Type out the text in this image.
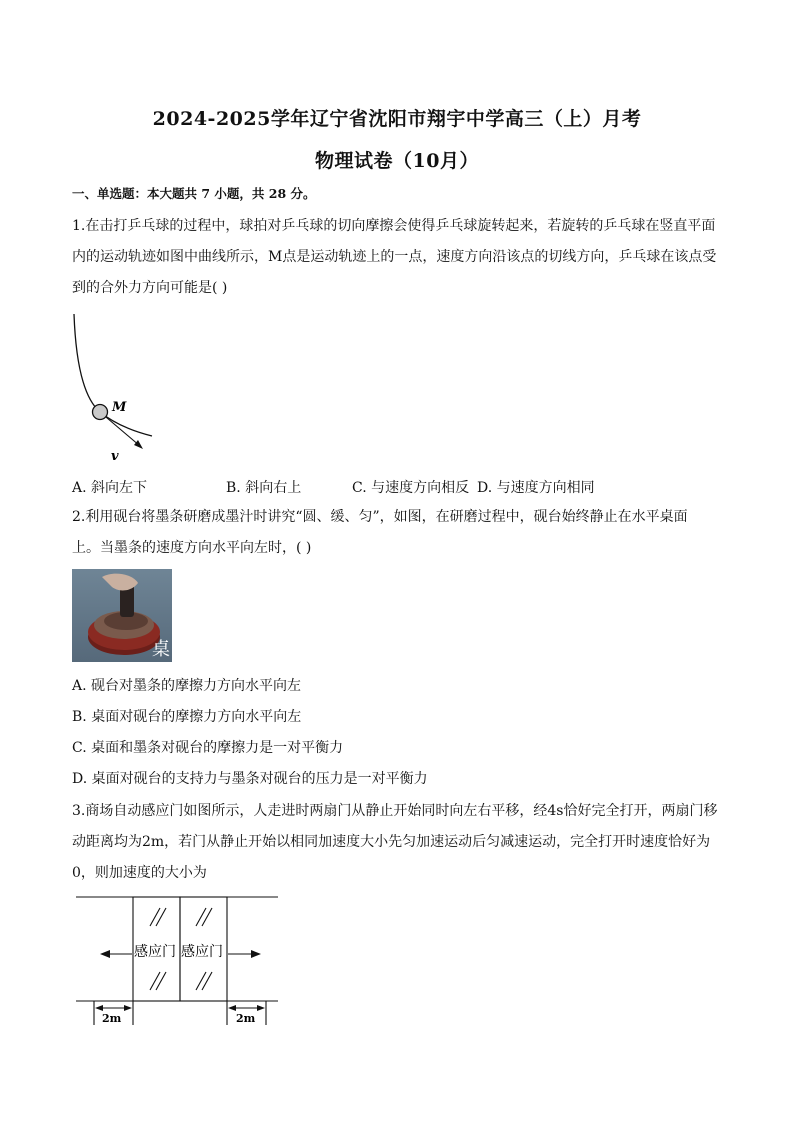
2024-2025学年辽宁省沈阳市翔宇中学高三（上）月考
物理试卷（10月）
一、单选题：本大题共 7 小题，共 28 分。
1.在击打乒乓球的过程中，球拍对乒乓球的切向摩擦会使得乒乓球旋转起来，若旋转的乒乓球在竖直平面
内的运动轨迹如图中曲线所示，M点是运动轨迹上的一点，速度方向沿该点的切线方向，乒乓球在该点受
到的合外力方向可能是( )
M
v
A. 斜向左下	B. 斜向右上	C. 与速度方向相反 D. 与速度方向相同
2.利用砚台将墨条研磨成墨汁时讲究“圆、缓、匀”，如图，在研磨过程中，砚台始终静止在水平桌面
上。当墨条的速度方向水平向左时，( )
桌
A. 砚台对墨条的摩擦力方向水平向左
B. 桌面对砚台的摩擦力方向水平向左
C. 桌面和墨条对砚台的摩擦力是一对平衡力
D. 桌面对砚台的支持力与墨条对砚台的压力是一对平衡力
3.商场自动感应门如图所示，人走进时两扇门从静止开始同时向左右平移，经4s恰好完全打开，两扇门移
动距离均为2m，若门从静止开始以相同加速度大小先匀加速运动后匀减速运动，完全打开时速度恰好为
0，则加速度的大小为
感应门 感应门
2m	2m
